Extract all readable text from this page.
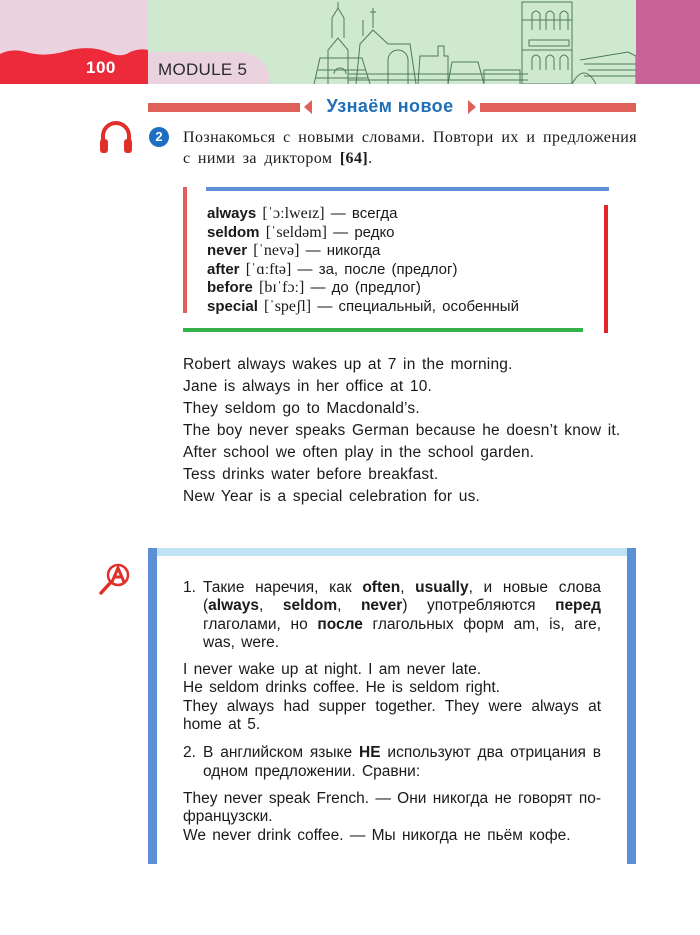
100 MODULE 5
Узнаём новое
2	Познакомься с новыми словами. Повтори их и предложения с ними за диктором [64].
always [ˈɔːlweɪz] — всегда
seldom [ˈseldəm] — редко
never [ˈnevə] — никогда
after [ˈɑːftə] — за, после (предлог)
before [bɪˈfɔː] — до (предлог)
special [ˈspeʃl] — специальный, особенный
Robert always wakes up at 7 in the morning.
Jane is always in her office at 10.
They seldom go to Macdonald’s.
The boy never speaks German because he doesn’t know it.
After school we often play in the school garden.
Tess drinks water before breakfast.
New Year is a special celebration for us.
1. Такие наречия, как often, usually, и новые слова (always, seldom, never) употребляются перед глаголами, но после глагольных форм am, is, are, was, were.
I never wake up at night. I am never late.
He seldom drinks coffee. He is seldom right.
They always had supper together. They were always at home at 5.
2. В английском языке НЕ используют два отрицания в одном предложении. Сравни:
They never speak French. — Они никогда не говорят по-французски.
We never drink coffee. — Мы никогда не пьём кофе.
